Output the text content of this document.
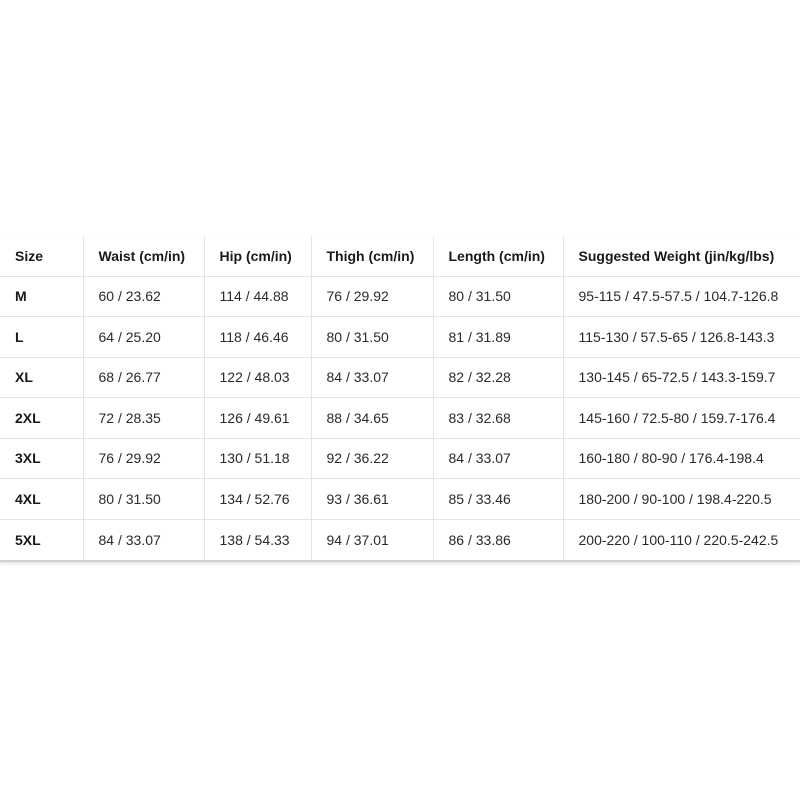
Size	Waist (cm/in)	Hip (cm/in)	Thigh (cm/in)	Length (cm/in)	Suggested Weight (jin/kg/lbs)
M	60 / 23.62	114 / 44.88	76 / 29.92	80 / 31.50	95-115 / 47.5-57.5 / 104.7-126.8
L	64 / 25.20	118 / 46.46	80 / 31.50	81 / 31.89	115-130 / 57.5-65 / 126.8-143.3
XL	68 / 26.77	122 / 48.03	84 / 33.07	82 / 32.28	130-145 / 65-72.5 / 143.3-159.7
2XL	72 / 28.35	126 / 49.61	88 / 34.65	83 / 32.68	145-160 / 72.5-80 / 159.7-176.4
3XL	76 / 29.92	130 / 51.18	92 / 36.22	84 / 33.07	160-180 / 80-90 / 176.4-198.4
4XL	80 / 31.50	134 / 52.76	93 / 36.61	85 / 33.46	180-200 / 90-100 / 198.4-220.5
5XL	84 / 33.07	138 / 54.33	94 / 37.01	86 / 33.86	200-220 / 100-110 / 220.5-242.5
